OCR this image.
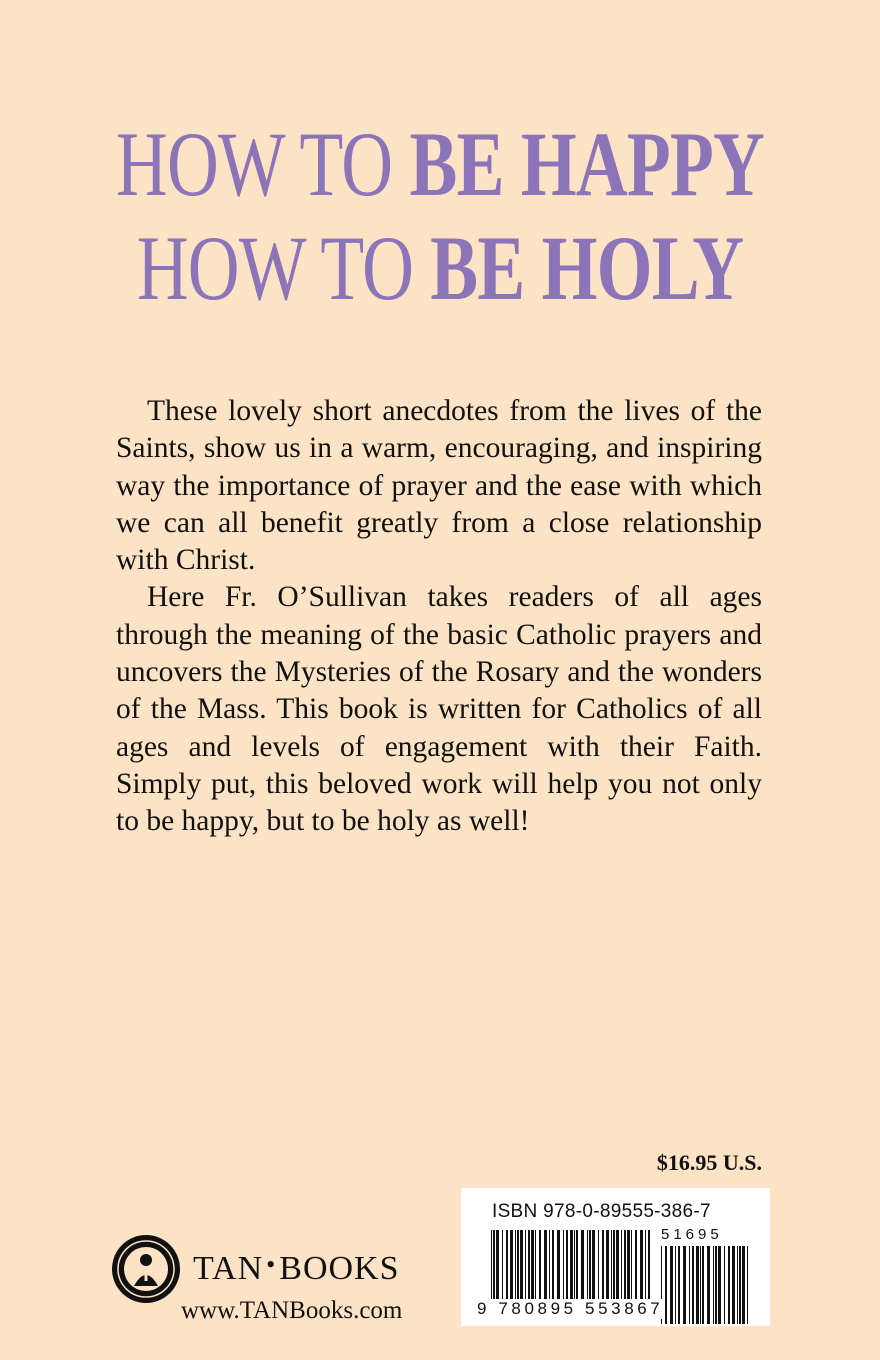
HOW TO BE HAPPY
HOW TO BE HOLY

These lovely short anecdotes from the lives of the Saints, show us in a warm, encouraging, and inspiring way the importance of prayer and the ease with which we can all benefit greatly from a close relationship with Christ.

Here Fr. O’Sullivan takes readers of all ages through the meaning of the basic Catholic prayers and uncovers the Mysteries of the Rosary and the wonders of the Mass. This book is written for Catholics of all ages and levels of engagement with their Faith. Simply put, this beloved work will help you not only to be happy, but to be holy as well!

$16.95 U.S.
ISBN 978-0-89555-386-7
51695
9 780895 553867
TAN •BOOKS
www.TANBooks.com
